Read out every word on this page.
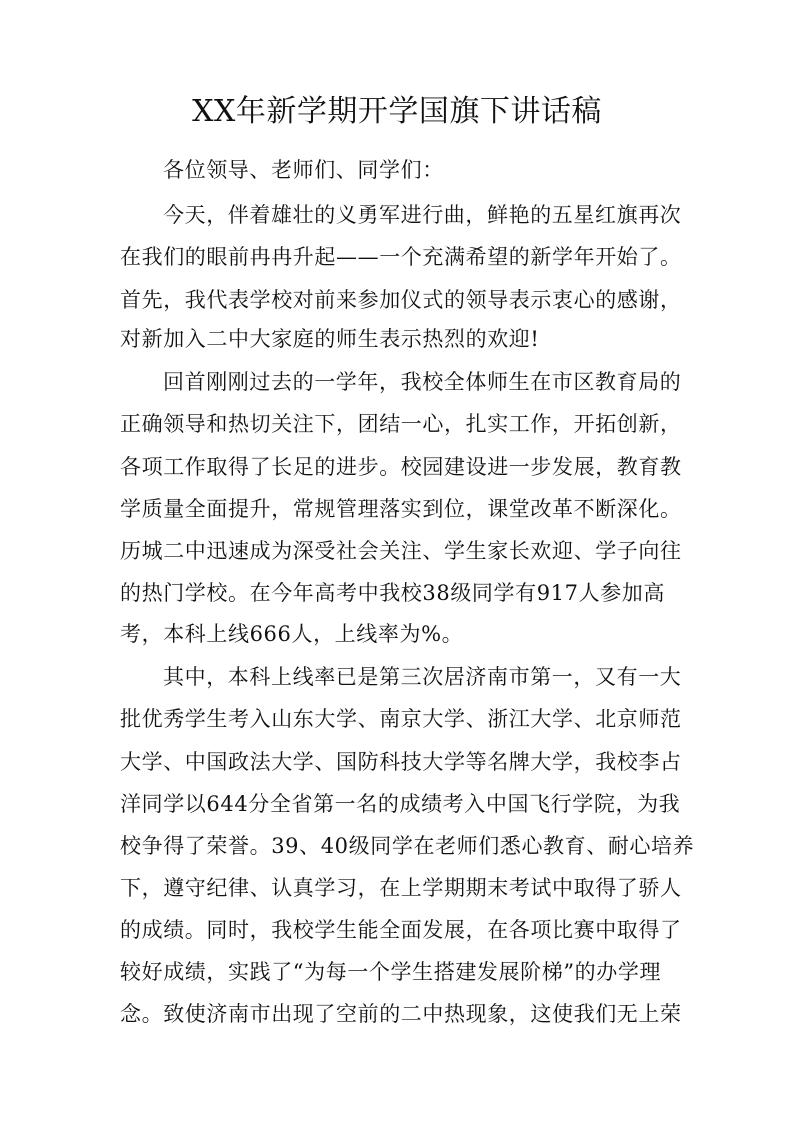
XX年新学期开学国旗下讲话稿
各位领导、老师们、同学们：
今天，伴着雄壮的义勇军进行曲，鲜艳的五星红旗再次
在我们的眼前冉冉升起——一个充满希望的新学年开始了。
首先，我代表学校对前来参加仪式的领导表示衷心的感谢，
对新加入二中大家庭的师生表示热烈的欢迎!
回首刚刚过去的一学年，我校全体师生在市区教育局的
正确领导和热切关注下，团结一心，扎实工作，开拓创新，
各项工作取得了长足的进步。校园建设进一步发展，教育教
学质量全面提升，常规管理落实到位，课堂改革不断深化。
历城二中迅速成为深受社会关注、学生家长欢迎、学子向往
的热门学校。在今年高考中我校38级同学有917人参加高
考，本科上线666人，上线率为%。
其中，本科上线率已是第三次居济南市第一，又有一大
批优秀学生考入山东大学、南京大学、浙江大学、北京师范
大学、中国政法大学、国防科技大学等名牌大学，我校李占
洋同学以644分全省第一名的成绩考入中国飞行学院，为我
校争得了荣誉。39、40级同学在老师们悉心教育、耐心培养
下，遵守纪律、认真学习，在上学期期末考试中取得了骄人
的成绩。同时，我校学生能全面发展，在各项比赛中取得了
较好成绩，实践了“为每一个学生搭建发展阶梯”的办学理
念。致使济南市出现了空前的二中热现象，这使我们无上荣
